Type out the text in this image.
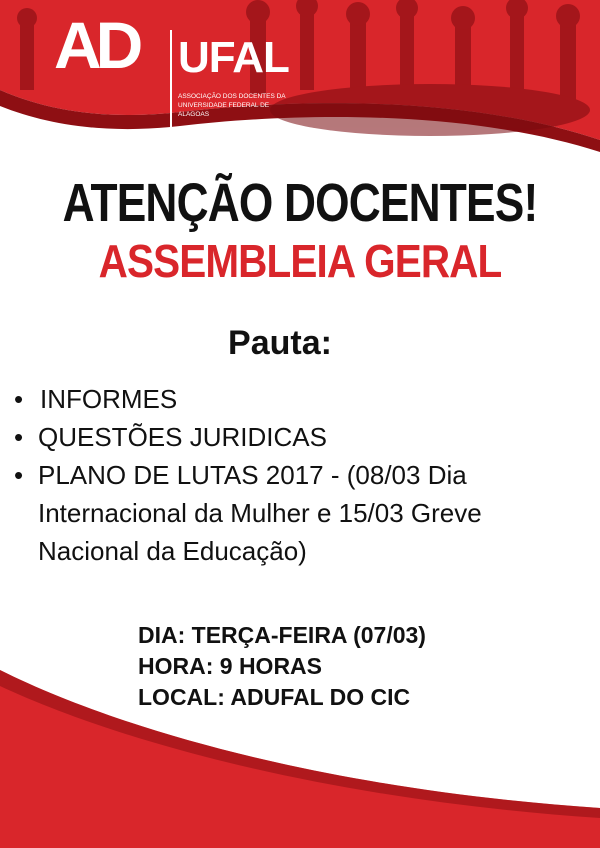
AD UFAL
ASSOCIAÇÃO DOS DOCENTES DA UNIVERSIDADE FEDERAL DE ALAGOAS
ATENÇÃO DOCENTES!
ASSEMBLEIA GERAL
Pauta:
• INFORMES
• QUESTÕES JURIDICAS
• PLANO DE LUTAS 2017 - (08/03 Dia Internacional da Mulher e 15/03 Greve Nacional da Educação)
DIA: TERÇA-FEIRA (07/03)
HORA: 9 HORAS
LOCAL: ADUFAL DO CIC
